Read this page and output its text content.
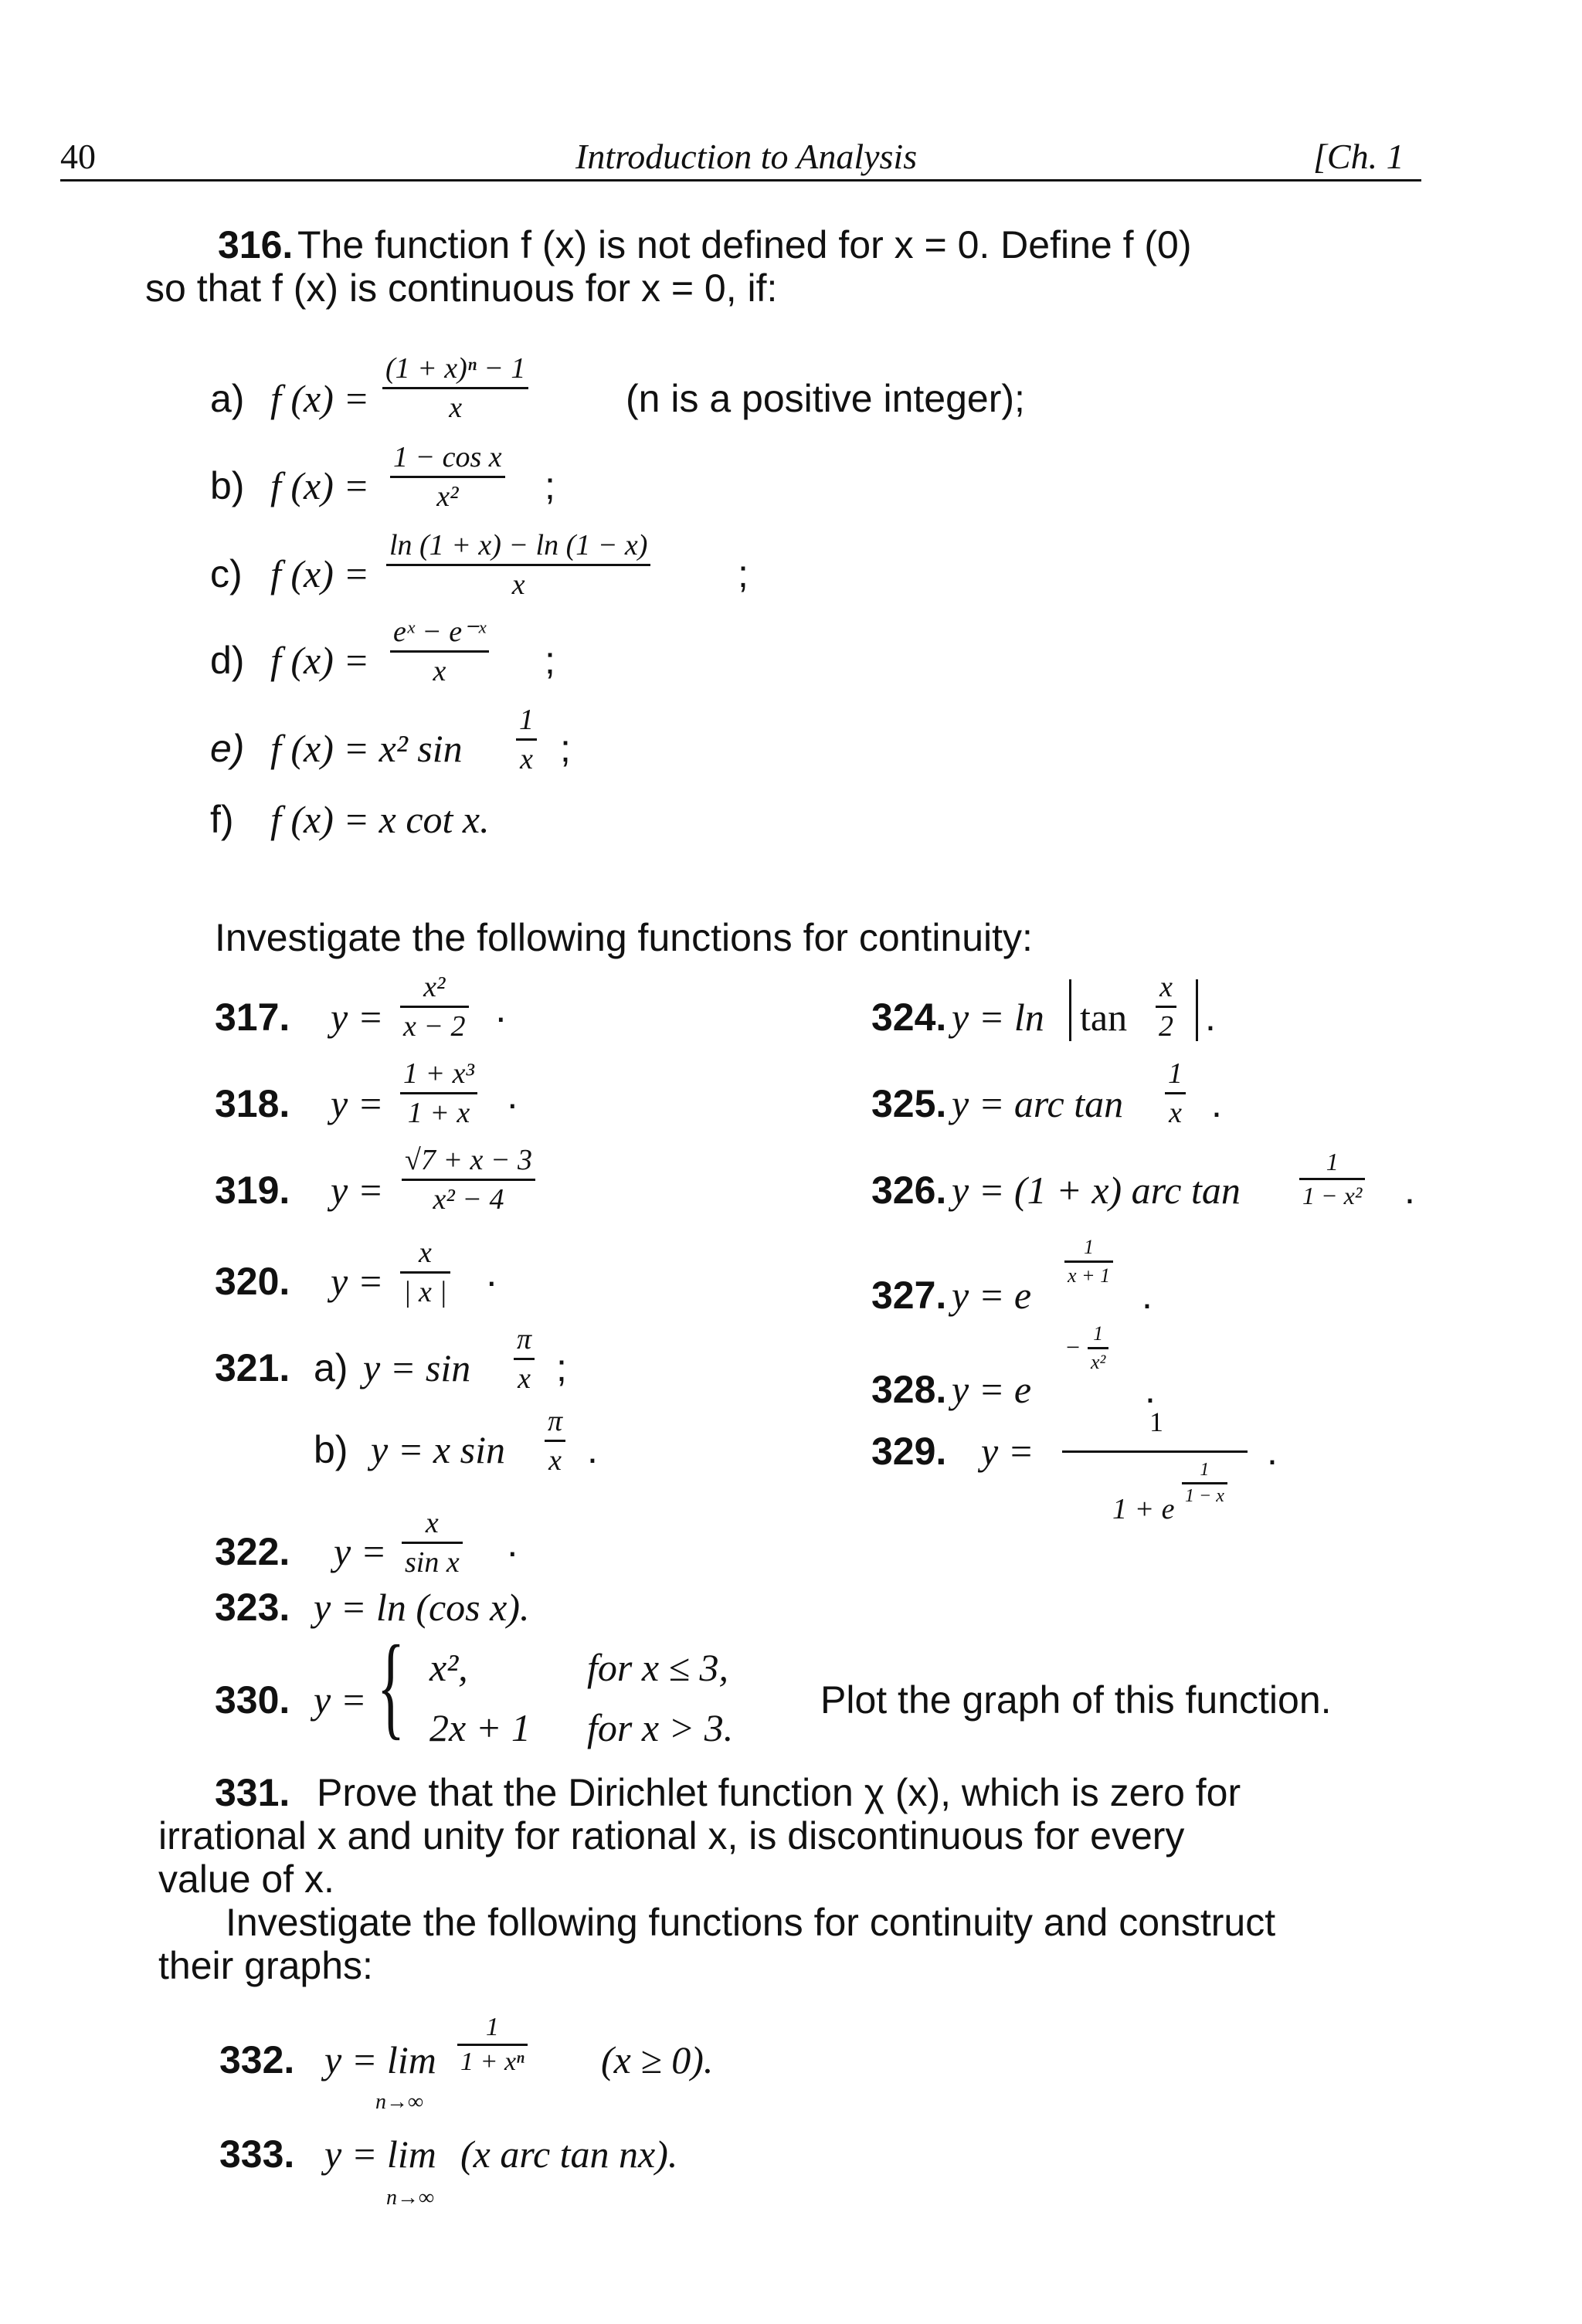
40	Introduction to Analysis	[Ch. 1
316. The function f (x) is not defined for x = 0. Define f (0)
so that f (x) is continuous for x = 0, if:
a) f $(x) = \frac{\text{(1 + x)ⁿ − 1}}{x}$	(n is a positive integer);
b) f $(x) = \frac{\text{1 − cos x}}{\text{x²}}$ ;
c) f $(x) = \frac{\ln (1 + x) - \ln (1 - x)}{x}$ ;
d) f $(x) = \frac{\text{eˣ − e⁻ˣ}}{x}$ ;
e) f (x) = x² $\sin \frac{1}{x}$ ;
f) f (x) = x cot x.
Investigate the following functions for continuity:
317. $y = \frac{\text{x²}}{x - 2}$ ·
318. $y = \frac{\text{1 + x³}}{1 + x}$ ·
319. $y = \frac{√7 + x - 3}{\text{x² − 4}}$
320. $y = \frac{x}{| x |}$ ·
321. a) $y = \sin \frac{\pi}{x}$ ;
b) y = x $\sin \frac{\pi}{x}$ .
322. $y = \frac{x}{\text{sin x}}$ ·
323. y = ln (cos x).
324. $y = \ln \tan \frac{x}{2}$ .
325. y = arc $\tan \frac{1}{x}$ .
326. y = (1 + x) arc $\tan \frac{1}{\text{1 − x²}}$ .
327. y = e
$\frac{1}{x + 1}$
.
328. y = e
− $\frac{1}{\text{x²}}$
.
329. y =
1
1 + e
$\frac{1}{1 - x}$
.
330. y = { x²,	for x ≤ 3,
2x + 1 for x > 3.
Plot the graph of this function.
331. Prove that the Dirichlet function χ (x), which is zero for
irrational x and unity for rational x, is discontinuous for every
value of x.
Investigate the following functions for continuity and construct
their graphs:
332. y = lim
n→∞
$\frac{1}{\text{1 + xⁿ}} (x \ge 0)$.
333. y = lim
n→∞
(x arc tan nx).
